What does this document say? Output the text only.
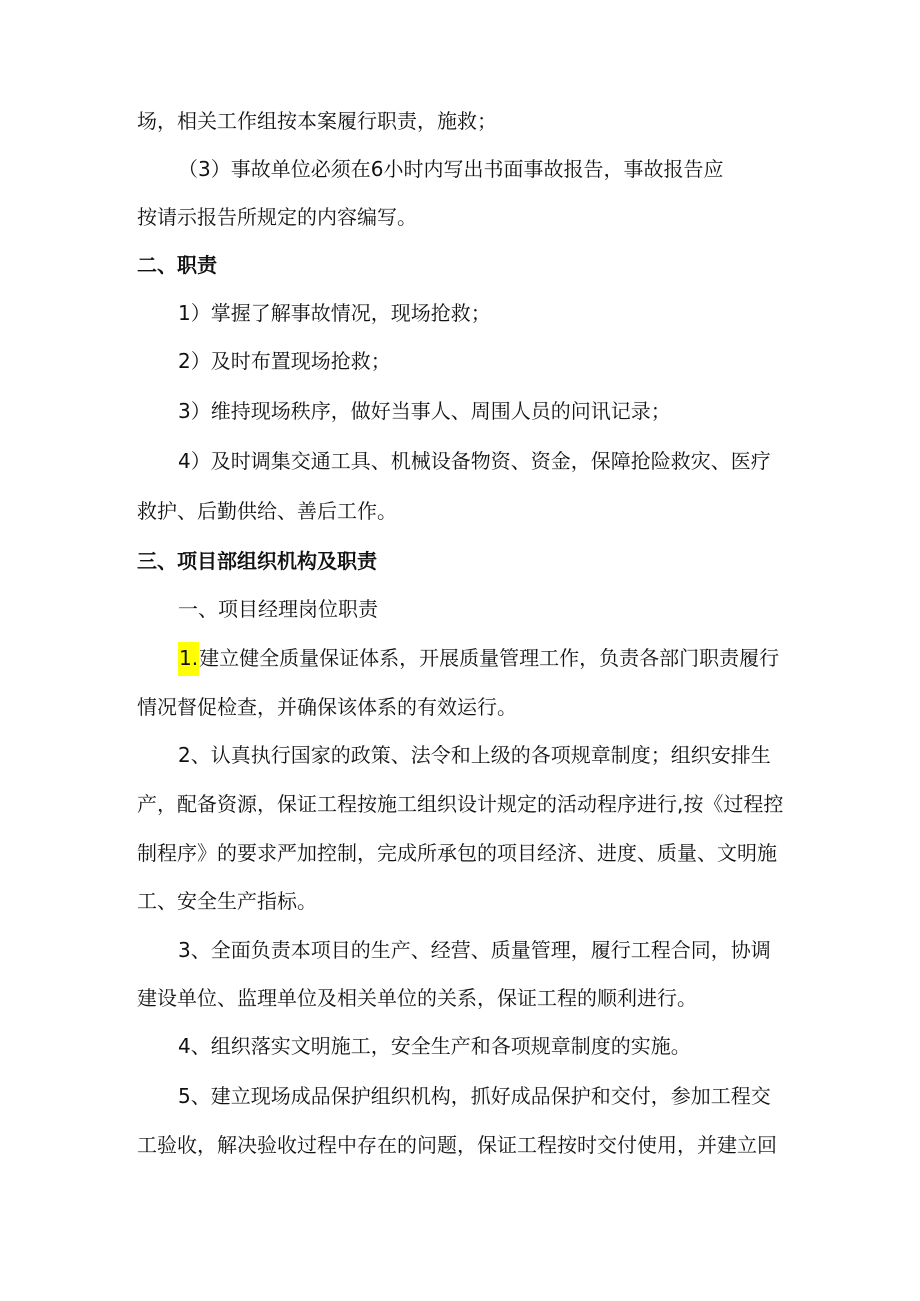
场，相关工作组按本案履行职责，施救；
（3）事故单位必须在6小时内写出书面事故报告，事故报告应
按请示报告所规定的内容编写。
二、职责
1）掌握了解事故情况，现场抢救；
2）及时布置现场抢救；
3）维持现场秩序，做好当事人、周围人员的问讯记录；
4）及时调集交通工具、机械设备物资、资金，保障抢险救灾、医疗
救护、后勤供给、善后工作。
三、项目部组织机构及职责
一、项目经理岗位职责
1.建立健全质量保证体系，开展质量管理工作，负责各部门职责履行
情况督促检查，并确保该体系的有效运行。
2、认真执行国家的政策、法令和上级的各项规章制度；组织安排生
产，配备资源，保证工程按施工组织设计规定的活动程序进行,按《过程控
制程序》的要求严加控制，完成所承包的项目经济、进度、质量、文明施
工、安全生产指标。
3、全面负责本项目的生产、经营、质量管理，履行工程合同，协调
建设单位、监理单位及相关单位的关系，保证工程的顺利进行。
4、组织落实文明施工，安全生产和各项规章制度的实施。
5、建立现场成品保护组织机构，抓好成品保护和交付，参加工程交
工验收，解决验收过程中存在的问题，保证工程按时交付使用，并建立回
